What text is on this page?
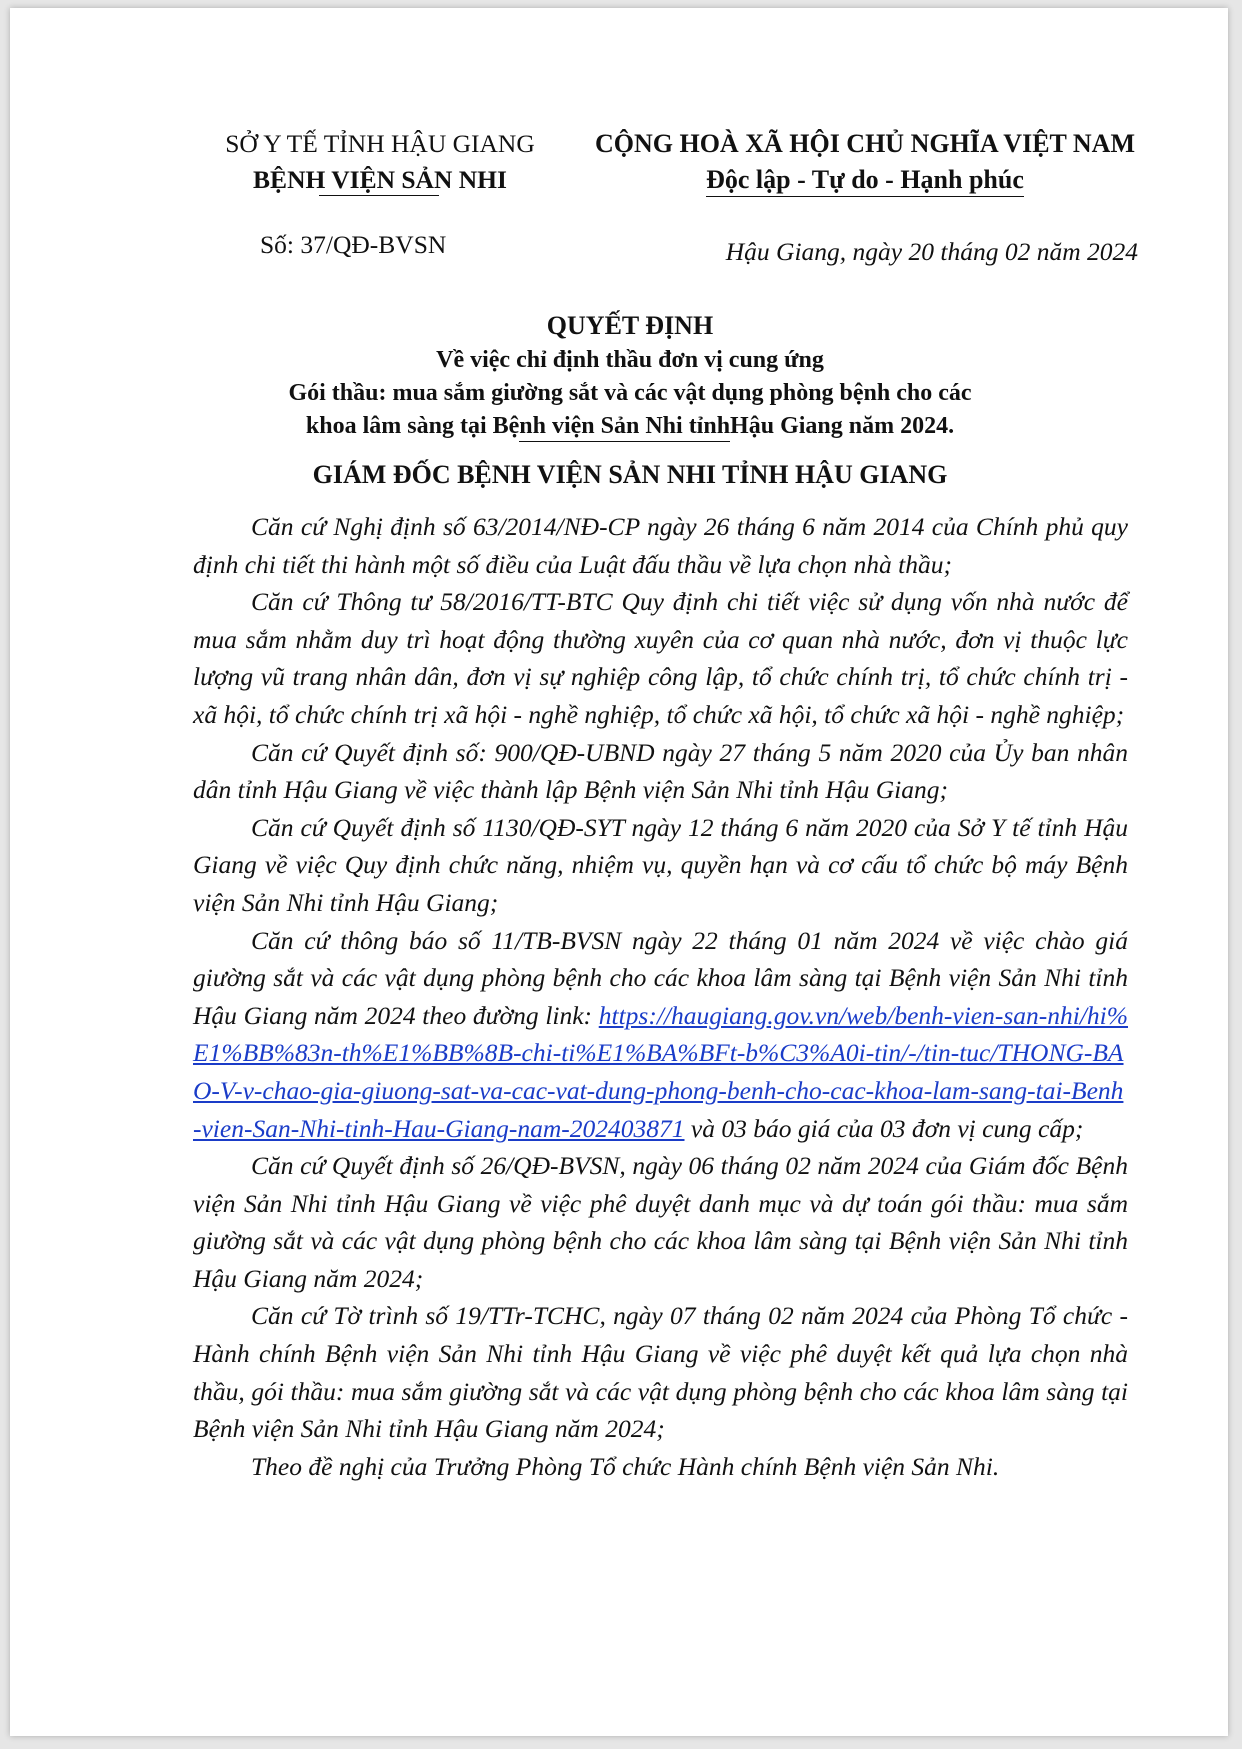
SỞ Y TẾ TỈNH HẬU GIANG
BỆNH VIỆN SẢN NHI
CỘNG HOÀ XÃ HỘI CHỦ NGHĨA VIỆT NAM
Độc lập - Tự do - Hạnh phúc
Số: 37/QĐ-BVSN	Hậu Giang, ngày 20 tháng 02 năm 2024
QUYẾT ĐỊNH
Về việc chỉ định thầu đơn vị cung ứng
Gói thầu: mua sắm giường sắt và các vật dụng phòng bệnh cho các
khoa lâm sàng tại Bệnh viện Sản Nhi tỉnh
Hậu Giang năm 2024.
GIÁM ĐỐC BỆNH VIỆN SẢN NHI TỈNH HẬU GIANG

Căn cứ Nghị định số 63/2014/NĐ-CP ngày 26 tháng 6 năm 2014 của Chính phủ quy định chi tiết thi hành một số điều của Luật đấu thầu về lựa chọn nhà thầu;

Căn cứ Thông tư 58/2016/TT-BTC Quy định chi tiết việc sử dụng vốn nhà nước để mua sắm nhằm duy trì hoạt động thường xuyên của cơ quan nhà nước, đơn vị thuộc lực lượng vũ trang nhân dân, đơn vị sự nghiệp công lập, tổ chức chính trị, tổ chức chính trị - xã hội, tổ chức chính trị xã hội - nghề nghiệp, tổ chức xã hội, tổ chức xã hội - nghề nghiệp;

Căn cứ Quyết định số: 900/QĐ-UBND ngày 27 tháng 5 năm 2020 của Ủy ban nhân dân tỉnh Hậu Giang về việc thành lập Bệnh viện Sản Nhi tỉnh Hậu Giang;

Căn cứ Quyết định số 1130/QĐ-SYT ngày 12 tháng 6 năm 2020 của Sở Y tế tỉnh Hậu Giang về việc Quy định chức năng, nhiệm vụ, quyền hạn và cơ cấu tổ chức bộ máy Bệnh viện Sản Nhi tỉnh Hậu Giang;

Căn cứ thông báo số 11/TB-BVSN ngày 22 tháng 01 năm 2024 về việc chào giá giường sắt và các vật dụng phòng bệnh cho các khoa lâm sàng tại Bệnh viện Sản Nhi tỉnh Hậu Giang năm 2024 theo đường link: https://haugiang.gov.vn/web/benh-vien-san-nhi/hi%E1%BB%83n-th%E1%BB%8B-chi-ti%E1%BA%BFt-b%C3%A0i-tin/-/tin-tuc/THONG-BAO-V-v-chao-gia-giuong-sat-va-cac-vat-dung-phong-benh-cho-cac-khoa-lam-sang-tai-Benh-vien-San-Nhi-tinh-Hau-Giang-nam-202403871 và 03 báo giá của 03 đơn vị cung cấp;

Căn cứ Quyết định số 26/QĐ-BVSN, ngày 06 tháng 02 năm 2024 của Giám đốc Bệnh viện Sản Nhi tỉnh Hậu Giang về việc phê duyệt danh mục và dự toán gói thầu: mua sắm giường sắt và các vật dụng phòng bệnh cho các khoa lâm sàng tại Bệnh viện Sản Nhi tỉnh Hậu Giang năm 2024;

Căn cứ Tờ trình số 19/TTr-TCHC, ngày 07 tháng 02 năm 2024 của Phòng Tổ chức - Hành chính Bệnh viện Sản Nhi tỉnh Hậu Giang về việc phê duyệt kết quả lựa chọn nhà thầu, gói thầu: mua sắm giường sắt và các vật dụng phòng bệnh cho các khoa lâm sàng tại Bệnh viện Sản Nhi tỉnh Hậu Giang năm 2024;

Theo đề nghị của Trưởng Phòng Tổ chức Hành chính Bệnh viện Sản Nhi.
